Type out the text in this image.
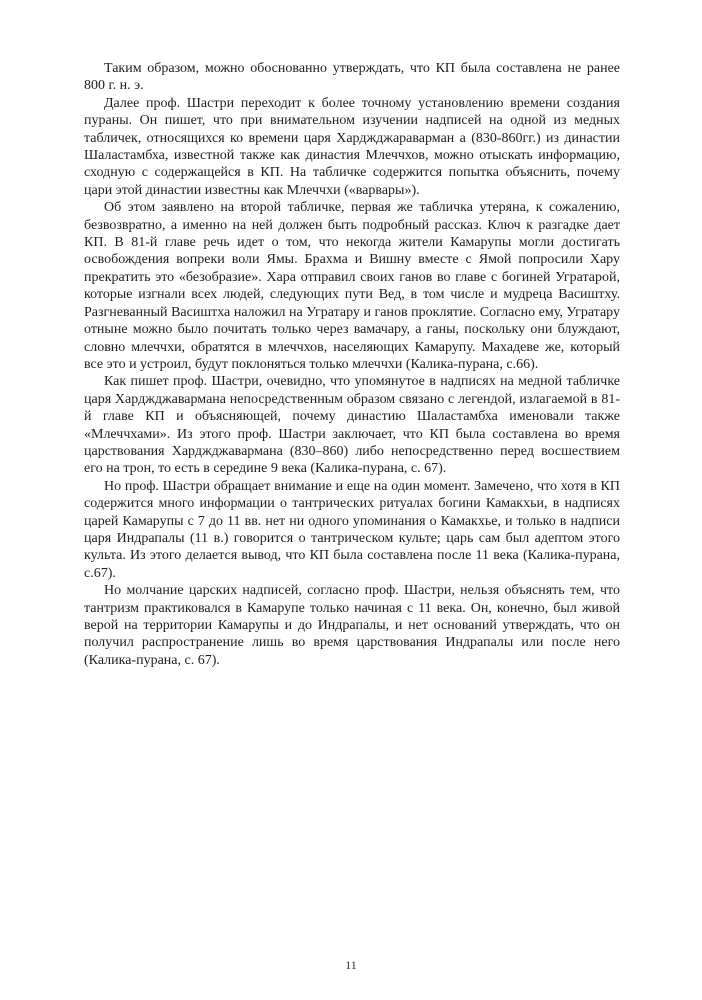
Таким образом, можно обоснованно утверждать, что КП была составлена не ранее 800 г. н. э.

Далее проф. Шастри переходит к более точному установлению времени создания пураны. Он пишет, что при внимательном изучении надписей на одной из медных табличек, относящихся ко времени царя Харджджараварман а (830-860гг.) из династии Шаластамбха, известной также как династия Млеччхов, можно отыскать информацию, сходную с содержащейся в КП. На табличке содержится попытка объяснить, почему цари этой династии известны как Млеччхи («варвары»).

Об этом заявлено на второй табличке, первая же табличка утеряна, к сожалению, безвозвратно, а именно на ней должен быть подробный рассказ. Ключ к разгадке дает КП. В 81-й главе речь идет о том, что некогда жители Камарупы могли достигать освобождения вопреки воли Ямы. Брахма и Вишну вместе с Ямой попросили Хару прекратить это «безобразие». Хара отправил своих ганов во главе с богиней Угратарой, которые изгнали всех людей, следующих пути Вед, в том числе и мудреца Васиштху. Разгневанный Васиштха наложил на Угратару и ганов проклятие. Согласно ему, Угратару отныне можно было почитать только через вамачару, а ганы, поскольку они блуждают, словно млеччхи, обратятся в млеччхов, населяющих Камарупу. Махадеве же, который все это и устроил, будут поклоняться только млеччхи (Калика-пурана, с.66).

Как пишет проф. Шастри, очевидно, что упомянутое в надписях на медной табличке царя Харджджавармана непосредственным образом связано с легендой, излагаемой в 81-й главе КП и объясняющей, почему династию Шаластамбха именовали также «Млеччхами». Из этого проф. Шастри заключает, что КП была составлена во время царствования Харджджавармана (830–860) либо непосредственно перед восшествием его на трон, то есть в середине 9 века (Калика-пурана, с. 67).

Но проф. Шастри обращает внимание и еще на один момент. Замечено, что хотя в КП содержится много информации о тантрических ритуалах богини Камакхьи, в надписях царей Камарупы с 7 до 11 вв. нет ни одного упоминания о Камакхье, и только в надписи царя Индрапалы (11 в.) говорится о тантрическом культе; царь сам был адептом этого культа. Из этого делается вывод, что КП была составлена после 11 века (Калика-пурана, с.67).

Но молчание царских надписей, согласно проф. Шастри, нельзя объяснять тем, что тантризм практиковался в Камарупе только начиная с 11 века. Он, конечно, был живой верой на территории Камарупы и до Индрапалы, и нет оснований утверждать, что он получил распространение лишь во время царствования Индрапалы или после него (Калика-пурана, с. 67).

11
